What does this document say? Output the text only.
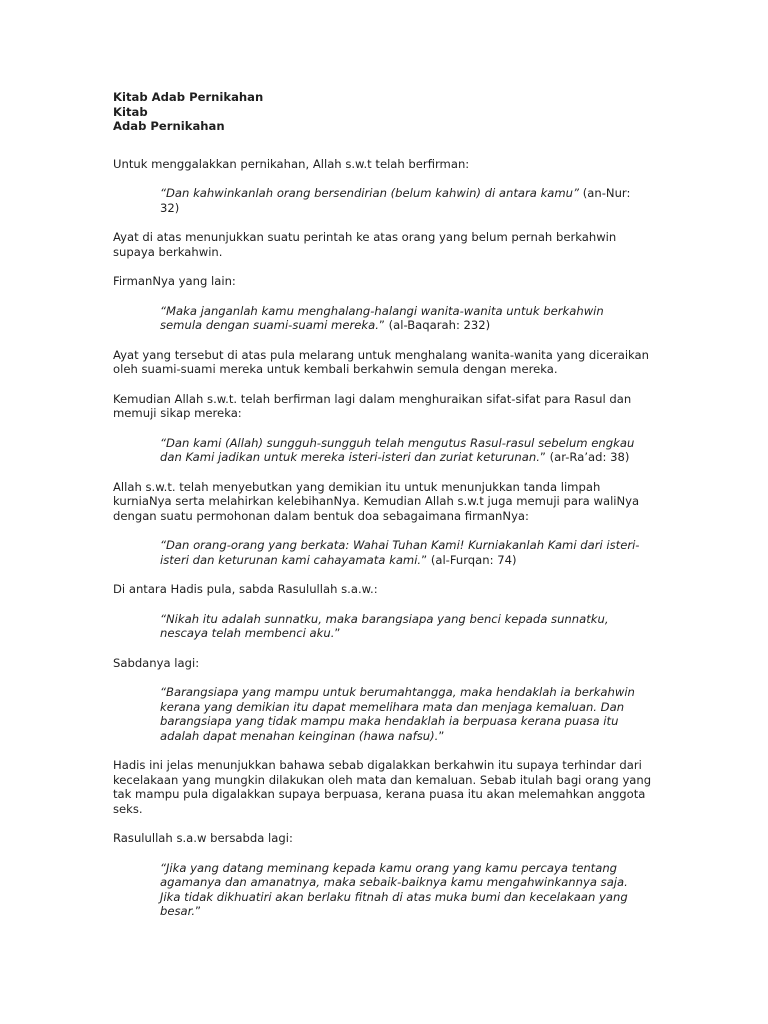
Kitab Adab Pernikahan
Kitab
Adab Pernikahan

Untuk menggalakkan pernikahan, Allah s.w.t telah berfirman:

“Dan kahwinkanlah orang bersendirian (belum kahwin) di antara kamu” (an-Nur: 32)

Ayat di atas menunjukkan suatu perintah ke atas orang yang belum pernah berkahwin supaya berkahwin.

FirmanNya yang lain:

“Maka janganlah kamu menghalang-halangi wanita-wanita untuk berkahwin semula dengan suami-suami mereka.” (al-Baqarah: 232)

Ayat yang tersebut di atas pula melarang untuk menghalang wanita-wanita yang diceraikan oleh suami-suami mereka untuk kembali berkahwin semula dengan mereka.

Kemudian Allah s.w.t. telah berfirman lagi dalam menghuraikan sifat-sifat para Rasul dan memuji sikap mereka:

“Dan kami (Allah) sungguh-sungguh telah mengutus Rasul-rasul sebelum engkau dan Kami jadikan untuk mereka isteri-isteri dan zuriat keturunan.” (ar-Ra’ad: 38)

Allah s.w.t. telah menyebutkan yang demikian itu untuk menunjukkan tanda limpah kurniaNya serta melahirkan kelebihanNya. Kemudian Allah s.w.t juga memuji para waliNya dengan suatu permohonan dalam bentuk doa sebagaimana firmanNya:

“Dan orang-orang yang berkata: Wahai Tuhan Kami! Kurniakanlah Kami dari isteri-isteri dan keturunan kami cahayamata kami.” (al-Furqan: 74)

Di antara Hadis pula, sabda Rasulullah s.a.w.:

“Nikah itu adalah sunnatku, maka barangsiapa yang benci kepada sunnatku, nescaya telah membenci aku.”

Sabdanya lagi:

“Barangsiapa yang mampu untuk berumahtangga, maka hendaklah ia berkahwin kerana yang demikian itu dapat memelihara mata dan menjaga kemaluan. Dan barangsiapa yang tidak mampu maka hendaklah ia berpuasa kerana puasa itu adalah dapat menahan keinginan (hawa nafsu).”

Hadis ini jelas menunjukkan bahawa sebab digalakkan berkahwin itu supaya terhindar dari kecelakaan yang mungkin dilakukan oleh mata dan kemaluan. Sebab itulah bagi orang yang tak mampu pula digalakkan supaya berpuasa, kerana puasa itu akan melemahkan anggota seks.

Rasulullah s.a.w bersabda lagi:

“Jika yang datang meminang kepada kamu orang yang kamu percaya tentang agamanya dan amanatnya, maka sebaik-baiknya kamu mengahwinkannya saja. Jika tidak dikhuatiri akan berlaku fitnah di atas muka bumi dan kecelakaan yang besar.”
